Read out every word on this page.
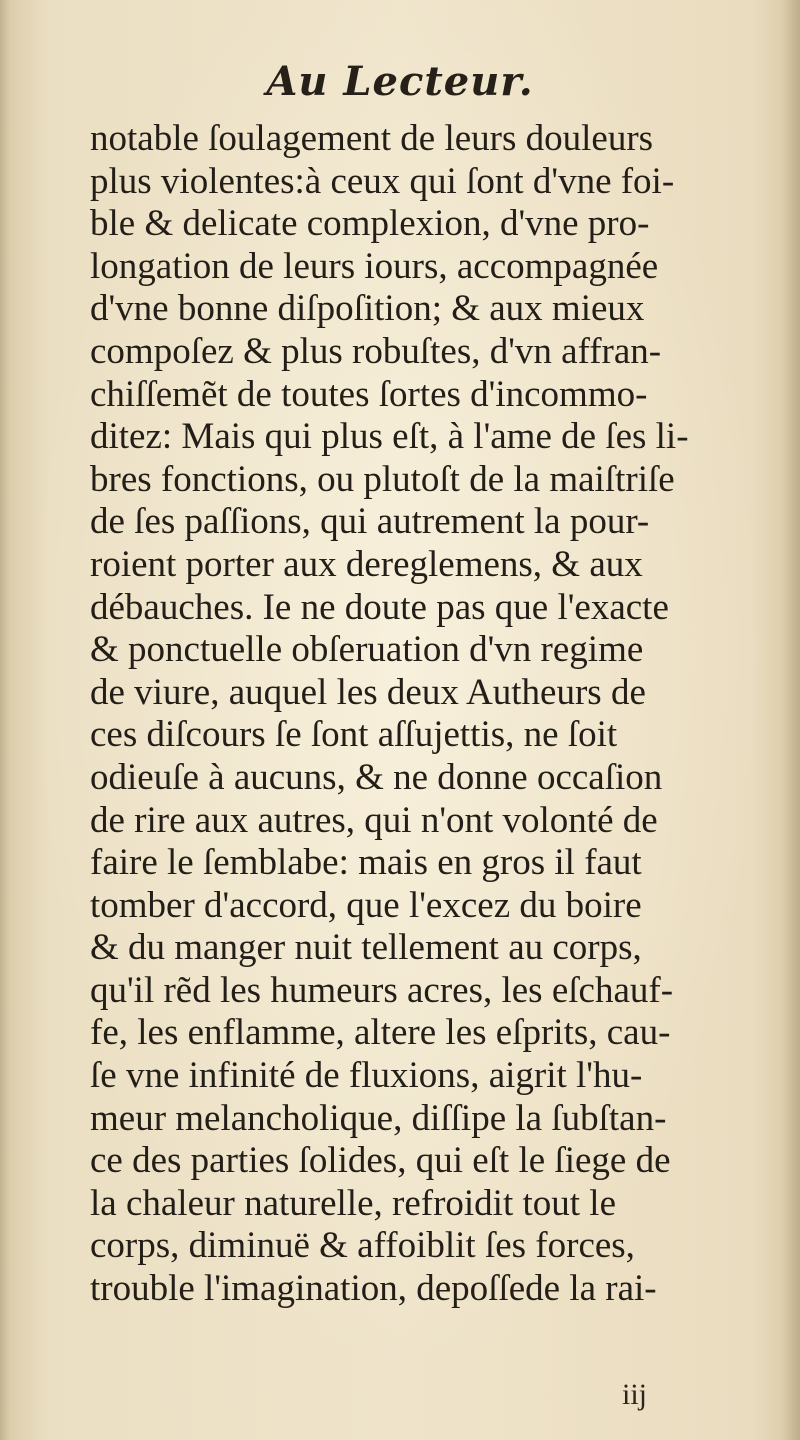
Au Lecteur.
notable ſoulagement de leurs douleurs
plus violentes:à ceux qui ſont d'vne foi-
ble & delicate complexion, d'vne pro-
longation de leurs iours, accompagnée
d'vne bonne diſpoſition; & aux mieux
compoſez & plus robuſtes, d'vn affran-
chiſſemẽt de toutes ſortes d'incommo-
ditez: Mais qui plus eſt, à l'ame de ſes li-
bres fonctions, ou plutoſt de la maiſtriſe
de ſes paſſions, qui autrement la pour-
roient porter aux dereglemens, & aux
débauches. Ie ne doute pas que l'exacte
& ponctuelle obſeruation d'vn regime
de viure, auquel les deux Autheurs de
ces diſcours ſe ſont aſſujettis, ne ſoit
odieuſe à aucuns, & ne donne occaſion
de rire aux autres, qui n'ont volonté de
faire le ſemblabe: mais en gros il faut
tomber d'accord, que l'excez du boire
& du manger nuit tellement au corps,
qu'il rẽd les humeurs acres, les eſchauf-
fe, les enflamme, altere les eſprits, cau-
ſe vne infinité de fluxions, aigrit l'hu-
meur melancholique, diſſipe la ſubſtan-
ce des parties ſolides, qui eſt le ſiege de
la chaleur naturelle, refroidit tout le
corps, diminuë & affoiblit ſes forces,
trouble l'imagination, depoſſede la rai-
iij
